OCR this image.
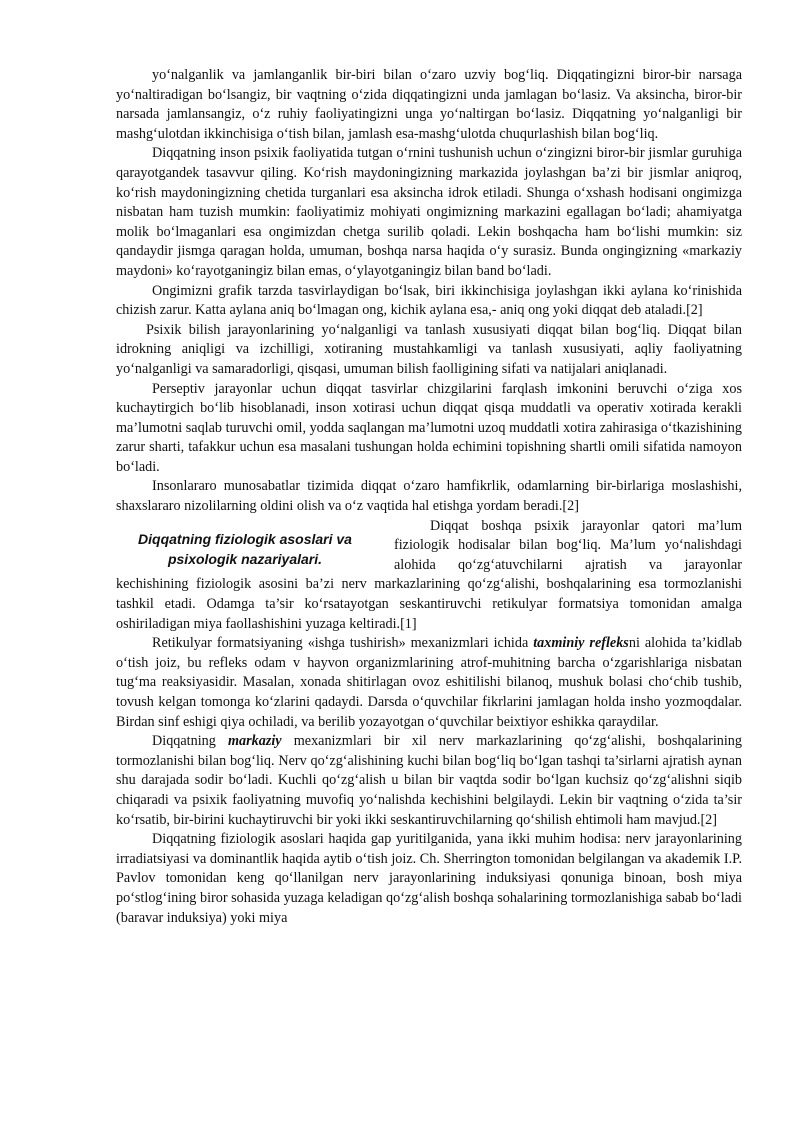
yo‘nalganlik va jamlanganlik bir-biri bilan o‘zaro uzviy bog‘liq. Diqqatingizni biror-bir narsaga yo‘naltiradigan bo‘lsangiz, bir vaqtning o‘zida diqqatingizni unda jamlagan bo‘lasiz. Va aksincha, biror-bir narsada jamlansangiz, o‘z ruhiy faoliyatingizni unga yo‘naltirgan bo‘lasiz. Diqqatning yo‘nalganligi bir mashg‘ulotdan ikkinchisiga o‘tish bilan, jamlash esa-mashg‘ulotda chuqurlashish bilan bog‘liq.

Diqqatning inson psixik faoliyatida tutgan o‘rnini tushunish uchun o‘zingizni biror-bir jismlar guruhiga qarayotgandek tasavvur qiling. Ko‘rish maydoningizning markazida joylashgan ba’zi bir jismlar aniqroq, ko‘rish maydoningizning chetida turganlari esa aksincha idrok etiladi. Shunga o‘xshash hodisani ongimizga nisbatan ham tuzish mumkin: faoliyatimiz mohiyati ongimizning markazini egallagan bo‘ladi; ahamiyatga molik bo‘lmaganlari esa ongimizdan chetga surilib qoladi. Lekin boshqacha ham bo‘lishi mumkin: siz qandaydir jismga qaragan holda, umuman, boshqa narsa haqida o‘y surasiz. Bunda ongingizning «markaziy maydoni» ko‘rayotganingiz bilan emas, o‘ylayotganingiz bilan band bo‘ladi.

Ongimizni grafik tarzda tasvirlaydigan bo‘lsak, biri ikkinchisiga joylashgan ikki aylana ko‘rinishida chizish zarur. Katta aylana aniq bo‘lmagan ong, kichik aylana esa,- aniq ong yoki diqqat deb ataladi.[2]

Psixik bilish jarayonlarining yo‘nalganligi va tanlash xususiyati diqqat bilan bog‘liq. Diqqat bilan idrokning aniqligi va izchilligi, xotiraning mustahkamligi va tanlash xususiyati, aqliy faoliyatning yo‘nalganligi va samaradorligi, qisqasi, umuman bilish faolligining sifati va natijalari aniqlanadi.

Perseptiv jarayonlar uchun diqqat tasvirlar chizgilarini farqlash imkonini beruvchi o‘ziga xos kuchaytirgich bo‘lib hisoblanadi, inson xotirasi uchun diqqat qisqa muddatli va operativ xotirada kerakli ma’lumotni saqlab turuvchi omil, yodda saqlangan ma’lumotni uzoq muddatli xotira zahirasiga o‘tkazishining zarur sharti, tafakkur uchun esa masalani tushungan holda echimini topishning shartli omili sifatida namoyon bo‘ladi.

Insonlararo munosabatlar tizimida diqqat o‘zaro hamfikrlik, odamlarning bir-birlariga moslashishi, shaxslararo nizolilarning oldini olish va o‘z vaqtida hal etishga yordam beradi.[2]

Diqqatning fiziologik asoslari va
psixologik nazariyalari.

Diqqat boshqa psixik jarayonlar qatori ma’lum fiziologik hodisalar bilan bog‘liq. Ma’lum yo‘nalishdagi alohida qo‘zg‘atuvchilarni ajratish va jarayonlar kechishining fiziologik asosini ba’zi nerv markazlarining qo‘zg‘alishi, boshqalarining esa tormozlanishi tashkil etadi. Odamga ta’sir ko‘rsatayotgan seskantiruvchi retikulyar formatsiya tomonidan amalga oshiriladigan miya faollashishini yuzaga keltiradi.[1]

Retikulyar formatsiyaning «ishga tushirish» mexanizmlari ichida taxminiy refleksni alohida ta’kidlab o‘tish joiz, bu refleks odam v hayvon organizmlarining atrof-muhitning barcha o‘zgarishlariga nisbatan tug‘ma reaksiyasidir. Masalan, xonada shitirlagan ovoz eshitilishi bilanoq, mushuk bolasi cho‘chib tushib, tovush kelgan tomonga ko‘zlarini qadaydi. Darsda o‘quvchilar fikrlarini jamlagan holda insho yozmoqdalar. Birdan sinf eshigi qiya ochiladi, va berilib yozayotgan o‘quvchilar beixtiyor eshikka qaraydilar.

Diqqatning markaziy mexanizmlari bir xil nerv markazlarining qo‘zg‘alishi, boshqalarining tormozlanishi bilan bog‘liq. Nerv qo‘zg‘alishining kuchi bilan bog‘liq bo‘lgan tashqi ta’sirlarni ajratish aynan shu darajada sodir bo‘ladi. Kuchli qo‘zg‘alish u bilan bir vaqtda sodir bo‘lgan kuchsiz qo‘zg‘alishni siqib chiqaradi va psixik faoliyatning muvofiq yo‘nalishda kechishini belgilaydi. Lekin bir vaqtning o‘zida ta’sir ko‘rsatib, bir-birini kuchaytiruvchi bir yoki ikki seskantiruvchilarning qo‘shilish ehtimoli ham mavjud.[2]

Diqqatning fiziologik asoslari haqida gap yuritilganida, yana ikki muhim hodisa: nerv jarayonlarining irradiatsiyasi va dominantlik haqida aytib o‘tish joiz. Ch. Sherrington tomonidan belgilangan va akademik I.P. Pavlov tomonidan keng qo‘llanilgan nerv jarayonlarining induksiyasi qonuniga binoan, bosh miya po‘stlog‘ining biror sohasida yuzaga keladigan qo‘zg‘alish boshqa sohalarining tormozlanishiga sabab bo‘ladi (baravar induksiya) yoki miya
